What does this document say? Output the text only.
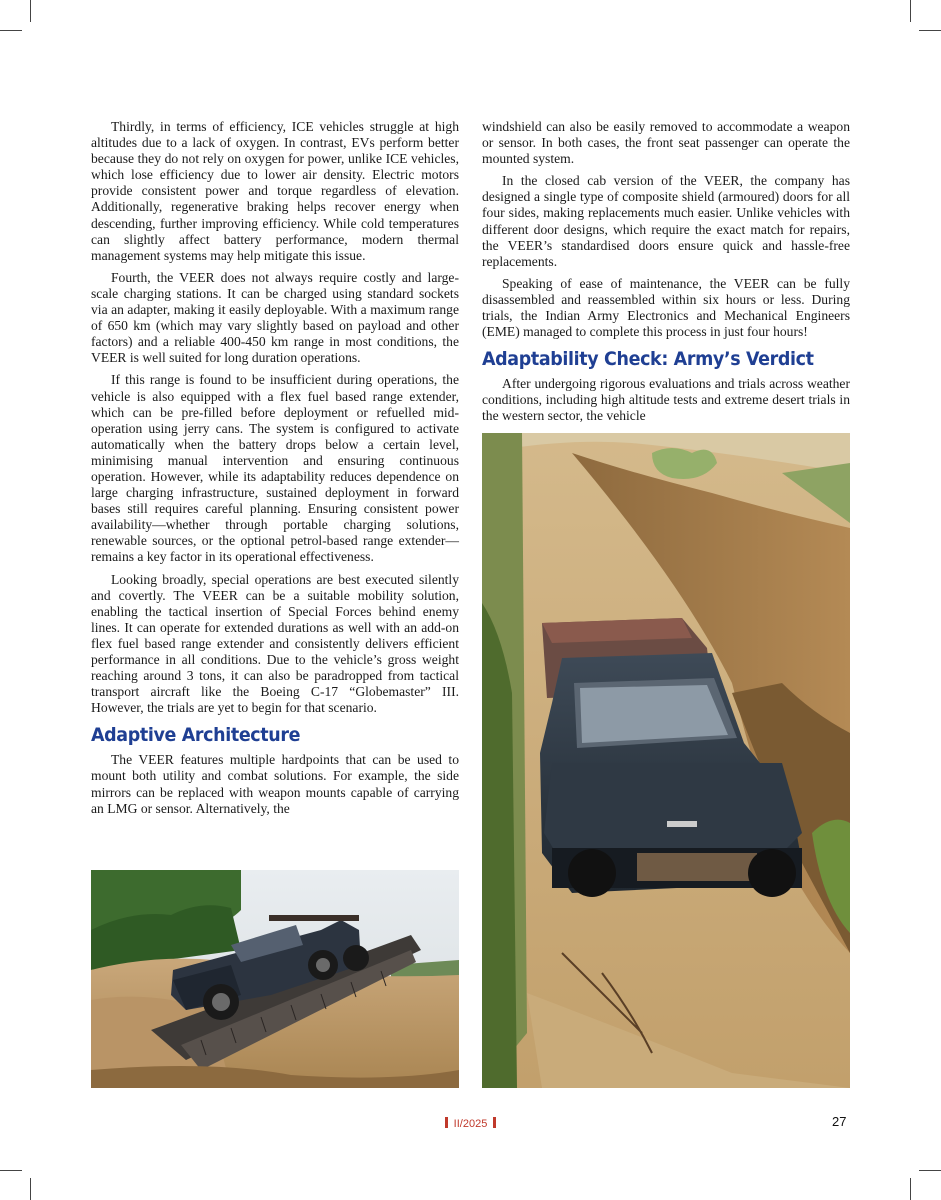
Thirdly, in terms of efficiency, ICE vehicles struggle at high altitudes due to a lack of oxygen. In contrast, EVs perform better because they do not rely on oxygen for power, unlike ICE vehicles, which lose efficiency due to lower air density. Electric motors provide consistent power and torque regardless of elevation. Additionally, regenerative braking helps recover energy when descending, further improving efficiency. While cold temperatures can slightly affect battery performance, modern thermal management systems may help mitigate this issue.

Fourth, the VEER does not always require costly and large-scale charging stations. It can be charged using standard sockets via an adapter, making it easily deployable. With a maximum range of 650 km (which may vary slightly based on payload and other factors) and a reliable 400-450 km range in most conditions, the VEER is well suited for long duration operations.

If this range is found to be insufficient during operations, the vehicle is also equipped with a flex fuel based range extender, which can be pre-filled before deployment or refuelled mid-operation using jerry cans. The system is configured to activate automatically when the battery drops below a certain level, minimising manual intervention and ensuring continuous operation. However, while its adaptability reduces dependence on large charging infrastructure, sustained deployment in forward bases still requires careful planning. Ensuring consistent power availability—whether through portable charging solutions, renewable sources, or the optional petrol-based range extender—remains a key factor in its operational effectiveness.

Looking broadly, special operations are best executed silently and covertly. The VEER can be a suitable mobility solution, enabling the tactical insertion of Special Forces behind enemy lines. It can operate for extended durations as well with an add-on flex fuel based range extender and consistently delivers efficient performance in all conditions. Due to the vehicle’s gross weight reaching around 3 tons, it can also be paradropped from tactical transport aircraft like the Boeing C-17 “Globemaster” III. However, the trials are yet to begin for that scenario.

Adaptive Architecture

The VEER features multiple hardpoints that can be used to mount both utility and combat solutions. For example, the side mirrors can be replaced with weapon mounts capable of carrying an LMG or sensor. Alternatively, the

windshield can also be easily removed to accommodate a weapon or sensor. In both cases, the front seat passenger can operate the mounted system.

In the closed cab version of the VEER, the company has designed a single type of composite shield (armoured) doors for all four sides, making replacements much easier. Unlike vehicles with different door designs, which require the exact match for repairs, the VEER’s standardised doors ensure quick and hassle-free replacements.

Speaking of ease of maintenance, the VEER can be fully disassembled and reassembled within six hours or less. During trials, the Indian Army Electronics and Mechanical Engineers (EME) managed to complete this process in just four hours!

Adaptability Check: Army’s Verdict

After undergoing rigorous evaluations and trials across weather conditions, including high altitude tests and extreme desert trials in the western sector, the vehicle

II/2025	27
